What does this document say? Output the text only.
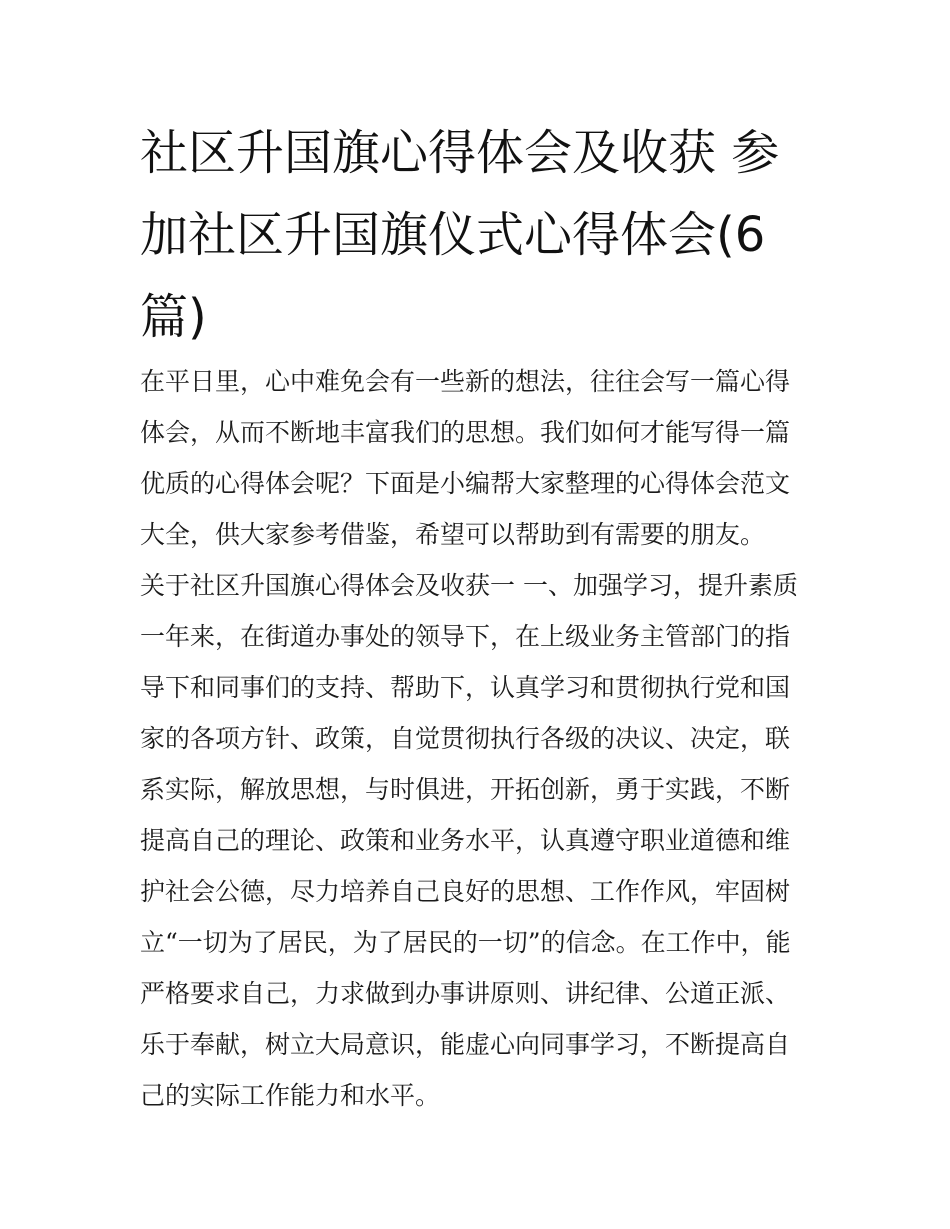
社区升国旗心得体会及收获 参加社区升国旗仪式心得体会(6篇)

在平日里，心中难免会有一些新的想法，往往会写一篇心得体会，从而不断地丰富我们的思想。我们如何才能写得一篇优质的心得体会呢？下面是小编帮大家整理的心得体会范文大全，供大家参考借鉴，希望可以帮助到有需要的朋友。

关于社区升国旗心得体会及收获一 一、加强学习，提升素质

一年来，在街道办事处的领导下，在上级业务主管部门的指导下和同事们的支持、帮助下，认真学习和贯彻执行党和国家的各项方针、政策，自觉贯彻执行各级的决议、决定，联系实际，解放思想，与时俱进，开拓创新，勇于实践，不断提高自己的理论、政策和业务水平，认真遵守职业道德和维护社会公德，尽力培养自己良好的思想、工作作风，牢固树立“一切为了居民，为了居民的一切”的信念。在工作中，能严格要求自己，力求做到办事讲原则、讲纪律、公道正派、乐于奉献，树立大局意识，能虚心向同事学习，不断提高自己的实际工作能力和水平。
